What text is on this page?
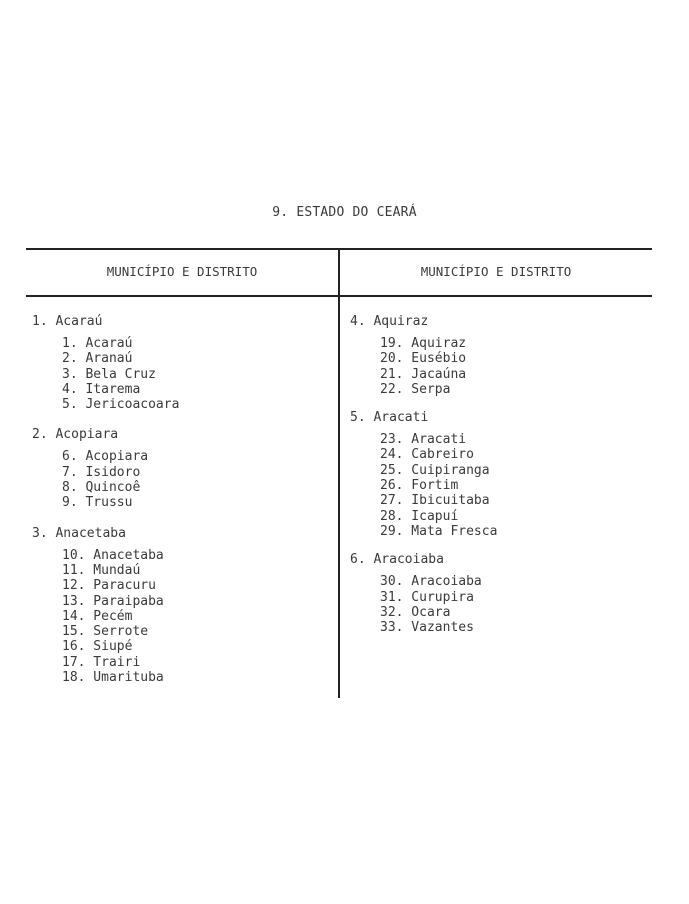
9. ESTADO DO CEARÁ
MUNICÍPIO E DISTRITO	MUNICÍPIO E DISTRITO

1. Acaraú

1. Acaraú
2. Aranaú
3. Bela Cruz
4. Itarema
5. Jericoacoara

2. Acopiara

6. Acopiara
7. Isidoro
8. Quincoê
9. Trussu

3. Anacetaba

10. Anacetaba
11. Mundaú
12. Paracuru
13. Paraipaba
14. Pecém
15. Serrote
16. Siupé
17. Trairi
18. Umarituba

4. Aquiraz

19. Aquiraz
20. Eusébio
21. Jacaúna
22. Serpa

5. Aracati

23. Aracati
24. Cabreiro
25. Cuipiranga
26. Fortim
27. Ibicuitaba
28. Icapuí
29. Mata Fresca

6. Aracoiaba

30. Aracoiaba
31. Curupira
32. Ocara
33. Vazantes
